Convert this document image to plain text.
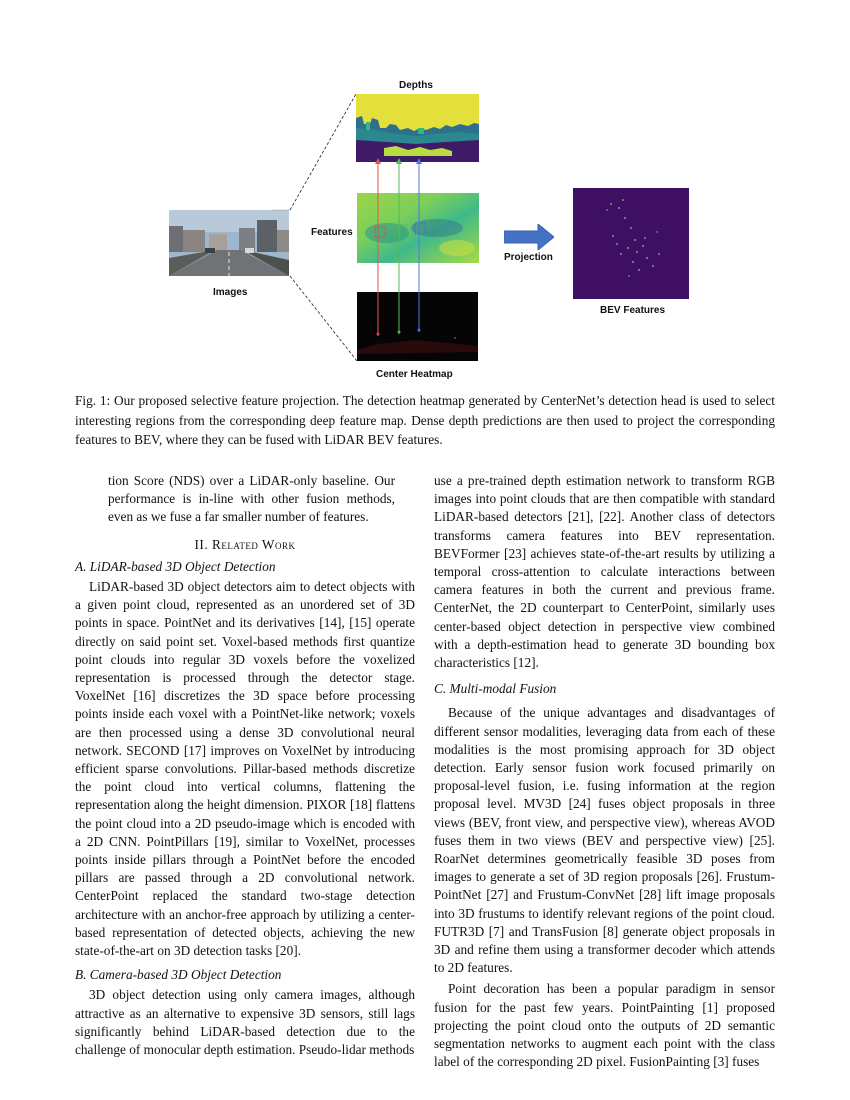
Depths
Features
Images
Center Heatmap
Projection
BEV Features
Fig. 1: Our proposed selective feature projection. The detection heatmap generated by CenterNet’s detection head is used to select interesting regions from the corresponding deep feature map. Dense depth predictions are then used to project the corresponding features to BEV, where they can be fused with LiDAR BEV features.

tion Score (NDS) over a LiDAR-only baseline. Our performance is in-line with other fusion methods, even as we fuse a far smaller number of features.

II. Related Work
A. LiDAR-based 3D Object Detection

LiDAR-based 3D object detectors aim to detect objects with a given point cloud, represented as an unordered set of 3D points in space. PointNet and its derivatives [14], [15] operate directly on said point set. Voxel-based methods first quantize point clouds into regular 3D voxels before the voxelized representation is processed through the detector stage. VoxelNet [16] discretizes the 3D space before processing points inside each voxel with a PointNet-like network; voxels are then processed using a dense 3D convolutional neural network. SECOND [17] improves on VoxelNet by introducing efficient sparse convolutions. Pillar-based methods discretize the point cloud into vertical columns, flattening the representation along the height dimension. PIXOR [18] flattens the point cloud into a 2D pseudo-image which is encoded with a 2D CNN. PointPillars [19], similar to VoxelNet, processes points inside pillars through a PointNet before the encoded pillars are passed through a 2D convolutional network. CenterPoint replaced the standard two-stage detection architecture with an anchor-free approach by utilizing a center-based representation of detected objects, achieving the new state-of-the-art on 3D detection tasks [20].

B. Camera-based 3D Object Detection

3D object detection using only camera images, although attractive as an alternative to expensive 3D sensors, still lags significantly behind LiDAR-based detection due to the challenge of monocular depth estimation. Pseudo-lidar methods

use a pre-trained depth estimation network to transform RGB images into point clouds that are then compatible with standard LiDAR-based detectors [21], [22]. Another class of detectors transforms camera features into BEV representation. BEVFormer [23] achieves state-of-the-art results by utilizing a temporal cross-attention to calculate interactions between camera features in both the current and previous frame. CenterNet, the 2D counterpart to CenterPoint, similarly uses center-based object detection in perspective view combined with a depth-estimation head to generate 3D bounding box characteristics [12].

C. Multi-modal Fusion

Because of the unique advantages and disadvantages of different sensor modalities, leveraging data from each of these modalities is the most promising approach for 3D object detection. Early sensor fusion work focused primarily on proposal-level fusion, i.e. fusing information at the region proposal level. MV3D [24] fuses object proposals in three views (BEV, front view, and perspective view), whereas AVOD fuses them in two views (BEV and perspective view) [25]. RoarNet determines geometrically feasible 3D poses from images to generate a set of 3D region proposals [26]. Frustum-PointNet [27] and Frustum-ConvNet [28] lift image proposals into 3D frustums to identify relevant regions of the point cloud. FUTR3D [7] and TransFusion [8] generate object proposals in 3D and refine them using a transformer decoder which attends to 2D features.

Point decoration has been a popular paradigm in sensor fusion for the past few years. PointPainting [1] proposed projecting the point cloud onto the outputs of 2D semantic segmentation networks to augment each point with the class label of the corresponding 2D pixel. FusionPainting [3] fuses
